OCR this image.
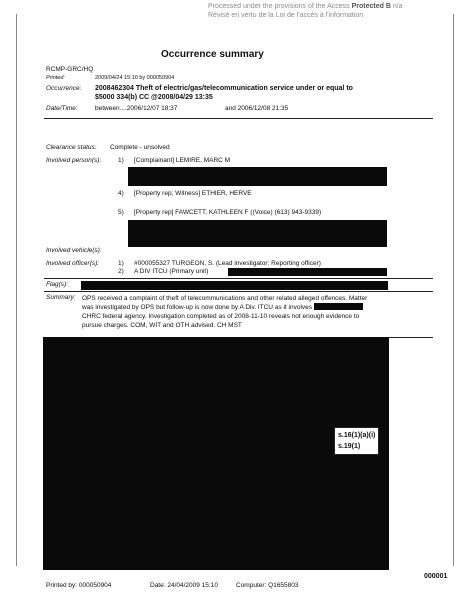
Processed under the provisions of the Access Protected B n/a
Révisé en vertu de la Loi de l'accès à l'information
Occurrence summary
RCMP-GRC/HQ
Printed:	2009/04/24 15:10 by 000050904
Occurrence: 2008462304 Theft of electric/gas/telecommunication service under or equal to
$5000 334(b) CC @2008/04/29 13:35
Date/Time:	between....2006/12/07 18:37	and 2006/12/08 21:35
Clearance status: Complete - unsolved
Involved person(s):	1) [Complainant] LEMIRE, MARC M
4) [Property rep; Witness] ETHIER, HERVE
5) [Property rep] FAWCETT, KATHLEEN F ((Voice) (613) 943-9339)
Involved vehicle(s):
Involved officer(s):	1) #000055327 TURGEON, S. (Lead investigator; Reporting officer)
2) A DIV ITCU (Primary unit)
Flag(s):
Summary: OPS received a complaint of theft of telecommunications and other related alleged offences. Matter was investigated by OPS but follow-up is now done by A Div. ITCU as it involves  CHRC federal agency. Investigation completed as of 2008-11-10 reveals not enough evidence to pursue charges. COM, WIT and OTH advised. CH MST
s.16(1)(a)(i)
s.19(1)
000001
Printed by: 000050904	Date: 24/04/2009 15:10	Computer: Q1655803
